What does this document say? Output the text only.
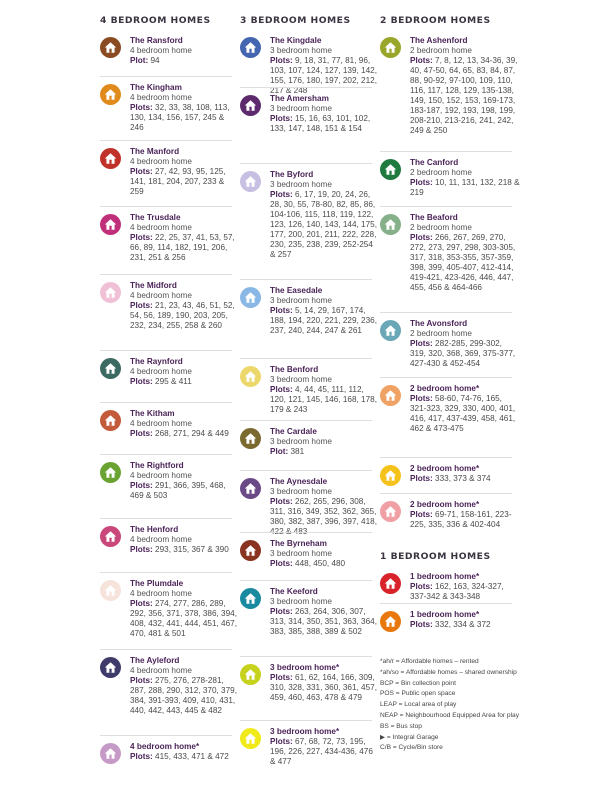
4 BEDROOM HOMES
The Ransford
4 bedroom home
Plot: 94
The Kingham
4 bedroom home
Plots: 32, 33, 38, 108, 113, 130, 134, 156, 157, 245 & 246
The Manford
4 bedroom home
Plots: 27, 42, 93, 95, 125, 141, 181, 204, 207, 233 & 259
The Trusdale
4 bedroom home
Plots: 22, 25, 37, 41, 53, 57, 66, 89, 114, 182, 191, 206, 231, 251 & 256
The Midford
4 bedroom home
Plots: 21, 23, 43, 46, 51, 52, 54, 56, 189, 190, 203, 205, 232, 234, 255, 258 & 260
The Raynford
4 bedroom home
Plots: 295 & 411
The Kitham
4 bedroom home
Plots: 268, 271, 294 & 449
The Rightford
4 bedroom home
Plots: 291, 366, 395, 468, 469 & 503
The Henford
4 bedroom home
Plots: 293, 315, 367 & 390
The Plumdale
4 bedroom home
Plots: 274, 277, 286, 289, 292, 356, 371, 378, 386, 394, 408, 432, 441, 444, 451, 467, 470, 481 & 501
The Ayleford
4 bedroom home
Plots: 275, 276, 278-281, 287, 288, 290, 312, 370, 379, 384, 391-393, 409, 410, 431, 440, 442, 443, 445 & 482
4 bedroom home*
Plots: 415, 433, 471 & 472
3 BEDROOM HOMES
The Kingdale
3 bedroom home
Plots: 9, 18, 31, 77, 81, 96, 103, 107, 124, 127, 139, 142, 155, 176, 180, 197, 202, 212, 217 & 248
The Amersham
3 bedroom home
Plots: 15, 16, 63, 101, 102, 133, 147, 148, 151 & 154
The Byford
3 bedroom home
Plots: 6, 17, 19, 20, 24, 26, 28, 30, 55, 78-80, 82, 85, 86, 104-106, 115, 118, 119, 122, 123, 126, 140, 143, 144, 175, 177, 200, 201, 211, 222, 228, 230, 235, 238, 239, 252-254 & 257
The Easedale
3 bedroom home
Plots: 5, 14, 29, 167, 174, 188, 194, 220, 221, 229, 236, 237, 240, 244, 247 & 261
The Benford
3 bedroom home
Plots: 4, 44, 45, 111, 112, 120, 121, 145, 146, 168, 178, 179 & 243
The Cardale
3 bedroom home
Plot: 381
The Aynesdale
3 bedroom home
Plots: 262, 265, 296, 308, 311, 316, 349, 352, 362, 365, 380, 382, 387, 396, 397, 418, 422 & 483
The Byrneham
3 bedroom home
Plots: 448, 450, 480
The Keeford
3 bedroom home
Plots: 263, 264, 306, 307, 313, 314, 350, 351, 363, 364, 383, 385, 388, 389 & 502
3 bedroom home*
Plots: 61, 62, 164, 166, 309, 310, 328, 331, 360, 361, 457, 459, 460, 463, 478 & 479
3 bedroom home*
Plots: 67, 68, 72, 73, 195, 196, 226, 227, 434-436, 476 & 477
2 BEDROOM HOMES
The Ashenford
2 bedroom home
Plots: 7, 8, 12, 13, 34-36, 39, 40, 47-50, 64, 65, 83, 84, 87, 88, 90-92, 97-100, 109, 110, 116, 117, 128, 129, 135-138, 149, 150, 152, 153, 169-173, 183-187, 192, 193, 198, 199, 208-210, 213-216, 241, 242, 249 & 250
The Canford
2 bedroom home
Plots: 10, 11, 131, 132, 218 & 219
The Beaford
2 bedroom home
Plots: 266, 267, 269, 270, 272, 273, 297, 298, 303-305, 317, 318, 353-355, 357-359, 398, 399, 405-407, 412-414, 419-421, 423-426, 446, 447, 455, 456 & 464-466
The Avonsford
2 bedroom home
Plots: 282-285, 299-302, 319, 320, 368, 369, 375-377, 427-430 & 452-454
2 bedroom home*
Plots: 58-60, 74-76, 165, 321-323, 329, 330, 400, 401, 416, 417, 437-439, 458, 461, 462 & 473-475
2 bedroom home*
Plots: 333, 373 & 374
2 bedroom home*
Plots: 69-71, 158-161, 223-225, 335, 336 & 402-404
1 BEDROOM HOMES
1 bedroom home*
Plots: 162, 163, 324-327, 337-342 & 343-348
1 bedroom home*
Plots: 332, 334 & 372
*ah/r = Affordable homes – rented
*ah/so = Affordable homes – shared ownership
BCP = Bin collection point
POS = Public open space
LEAP = Local area of play
NEAP = Neighbourhood Equipped Area for play
BS = Bus stop
▶ = Integral Garage
C/B = Cycle/Bin store
